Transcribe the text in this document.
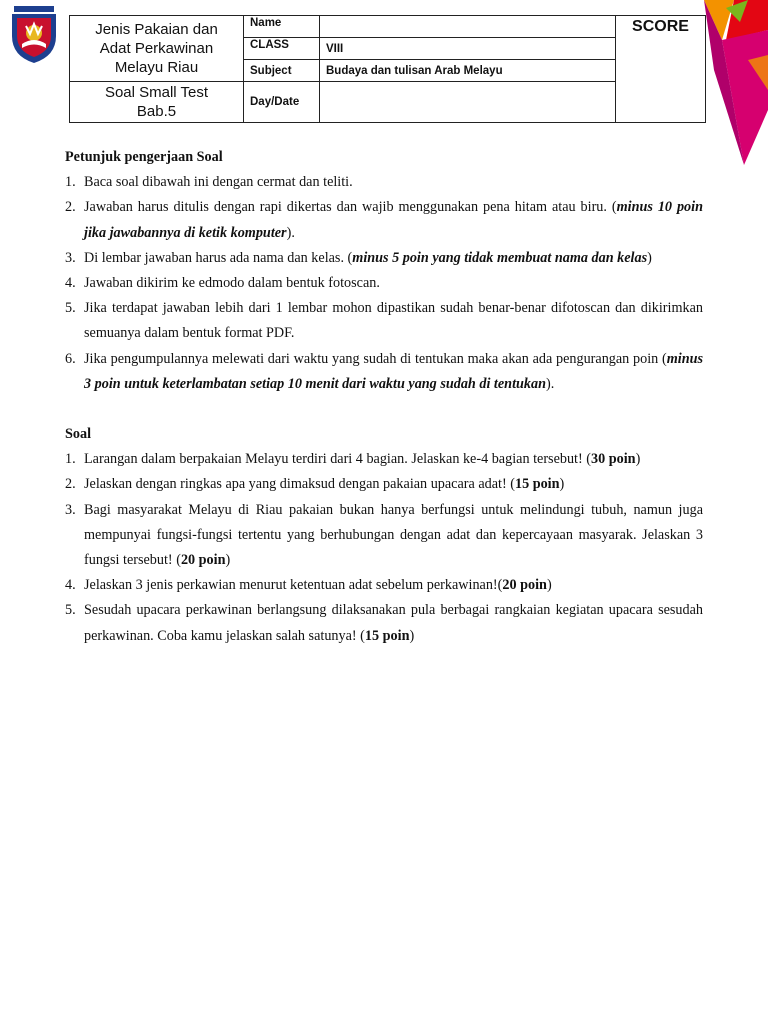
Jenis Pakaian dan
Adat Perkawinan
Melayu Riau	Name		SCORE
	CLASS	VIII	
	Subject	Budaya dan tulisan Arab Melayu	

Soal Small Test
Bab.5	Day/Date		

Petunjuk pengerjaan Soal

1. Baca soal dibawah ini dengan cermat dan teliti.
2. Jawaban harus ditulis dengan rapi dikertas dan wajib menggunakan pena hitam atau biru. (minus 10 poin jika jawabannya di ketik komputer).
3. Di lembar jawaban harus ada nama dan kelas. (minus 5 poin yang tidak membuat nama dan kelas)
4. Jawaban dikirim ke edmodo dalam bentuk fotoscan.
5. Jika terdapat jawaban lebih dari 1 lembar mohon dipastikan sudah benar-benar difotoscan dan dikirimkan semuanya dalam bentuk format PDF.
6. Jika pengumpulannya melewati dari waktu yang sudah di tentukan maka akan ada pengurangan poin (minus 3 poin untuk keterlambatan setiap 10 menit dari waktu yang sudah di tentukan).

Soal

1. Larangan dalam berpakaian Melayu terdiri dari 4 bagian. Jelaskan ke-4 bagian tersebut! (30 poin)
2. Jelaskan dengan ringkas apa yang dimaksud dengan pakaian upacara adat! (15 poin)
3. Bagi masyarakat Melayu di Riau pakaian bukan hanya berfungsi untuk melindungi tubuh, namun juga mempunyai fungsi-fungsi tertentu yang berhubungan dengan adat dan kepercayaan masyarak. Jelaskan 3 fungsi tersebut! (20 poin)
4. Jelaskan 3 jenis perkawian menurut ketentuan adat sebelum perkawinan!(20 poin)
5. Sesudah upacara perkawinan berlangsung dilaksanakan pula berbagai rangkaian kegiatan upacara sesudah perkawinan. Coba kamu jelaskan salah satunya! (15 poin)
